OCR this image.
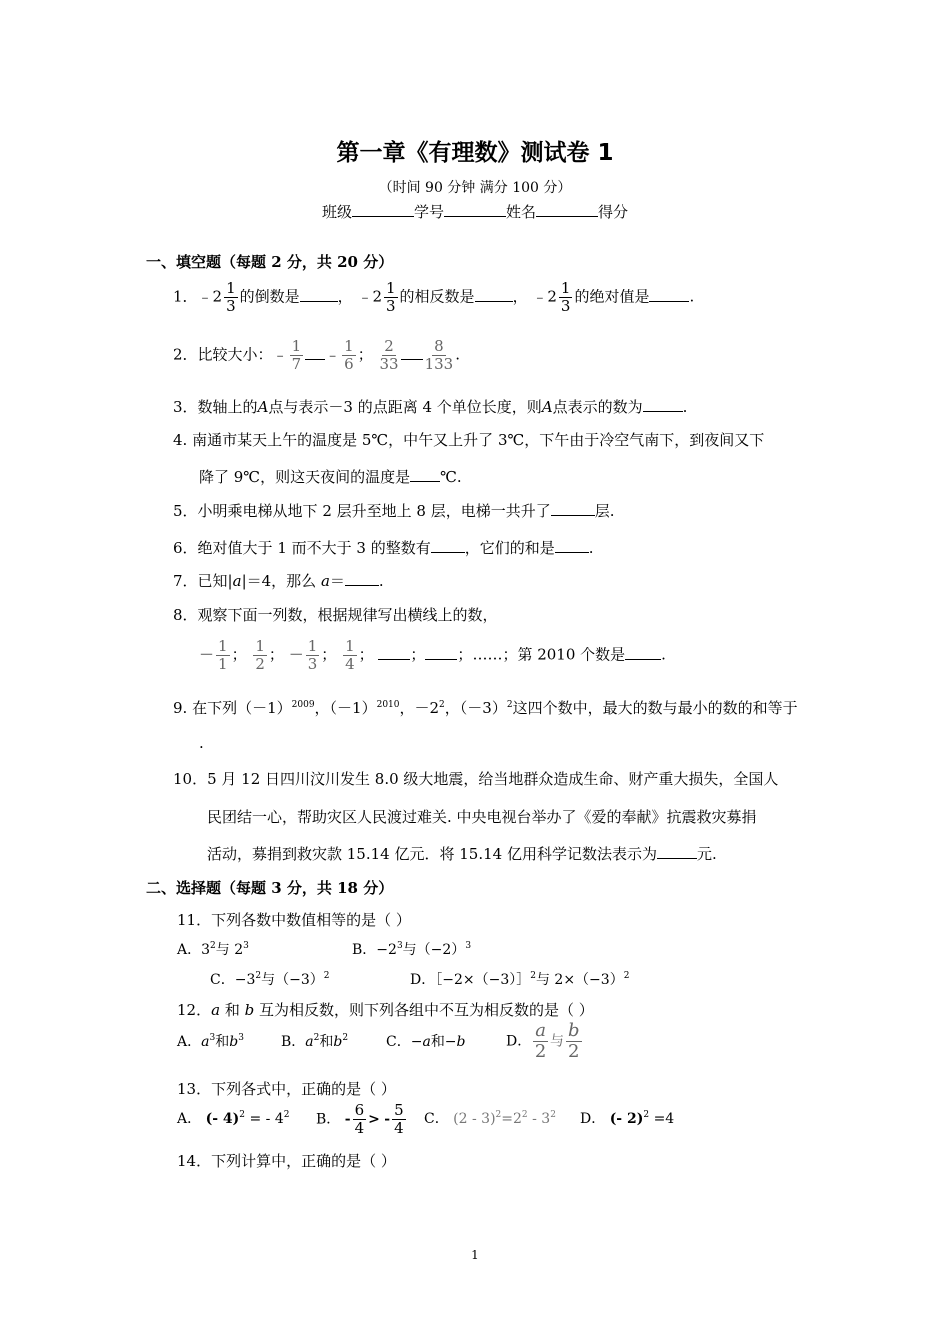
第一章《有理数》测试卷 1
（时间 90 分钟 满分 100 分）
班级	学号	姓名	得分
一、填空题（每题 2 分，共 20 分）
1．﹣2 $\frac{1}{3}$ 的倒数是	， ﹣2 $\frac{1}{3}$ 的相反数是	， ﹣2 $\frac{1}{3}$ 的绝对值是	.
2．比较大小：﹣ $\frac{1}{7}$ ﹣ $\frac{1}{6}$ ； $\frac{2}{33} \frac{8}{133}$ .
3．数轴上的A点与表示－3 的点距离 4 个单位长度，则A点表示的数为	.
4. 南通市某天上午的温度是 5℃，中午又上升了 3℃，下午由于冷空气南下，到夜间又下
降了 9℃，则这天夜间的温度是 ℃.
5．小明乘电梯从地下 2 层升至地上 8 层，电梯一共升了	层.
6．绝对值大于 1 而不大于 3 的整数有 ，它们的和是 .
7．已知|a|＝4，那么 a＝ .
8．观察下面一列数，根据规律写出横线上的数，
－ $\frac{1}{1}$ ； $\frac{1}{2}$ ； － $\frac{1}{3}$ ； $\frac{1}{4}$ ； ； ；……；第 2010 个数是 .
9. 在下列$(-1)^{2009}$，$(-1)^{2010}$，$-2^2$，$(-3)^2$这四个数中，最大的数与最小的数的和等于
.
10．5 月 12 日四川汶川发生 8.0 级大地震，给当地群众造成生命、财产重大损失，全国人
民团结一心，帮助灾区人民渡过难关. 中央电视台举办了《爱的奉献》抗震救灾募捐
活动，募捐到救灾款 15.14 亿元．将 15.14 亿用科学记数法表示为	元.
二、选择题（每题 3 分，共 18 分）
11．下列各数中数值相等的是（ ）
A．$3^2$与 $2^3$	B．$-2^3$与$(-2)^3$
C．$-3^2$与$(-3)^2$	D．［−2×（−3）］$^2$与 $2\times(-3)^2$
12．a 和 b 互为相反数，则下列各组中不互为相反数的是（ ）
A．$a^3$和$b^3$	B．$a^2$和$b^2$	C．−a和−b	D． $\frac{a}{2}$ 与 $\frac{b}{2}$
13．下列各式中，正确的是（ ）
A． (- 4)$^2$ = - $4^2$ B． - $\frac{6}{4}$ > - $\frac{5}{4}$ C． $(2 - 3)^2=2^2 - 3^2$ D． (- 2)$^2$ =4
14．下列计算中，正确的是（ ）
1
